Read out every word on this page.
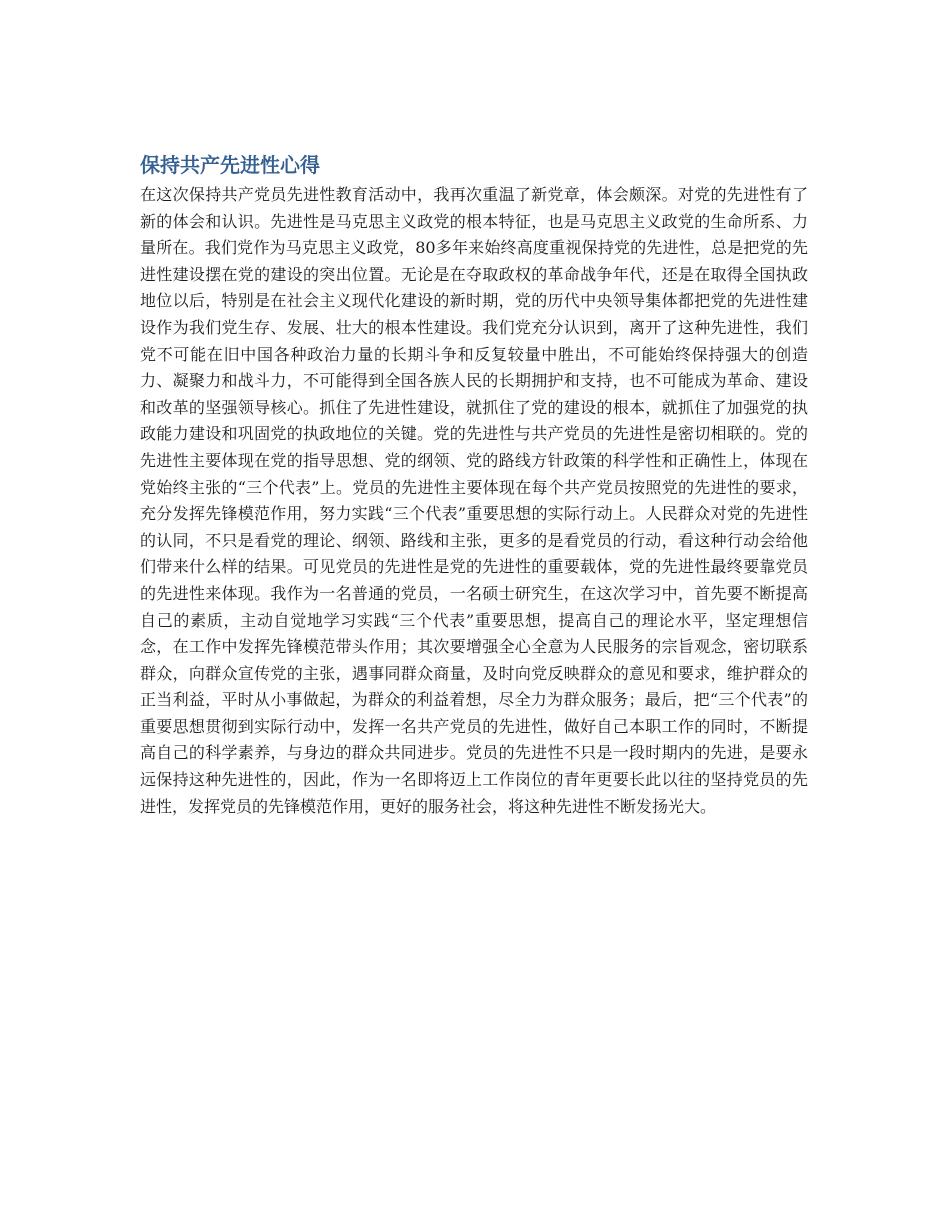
保持共产先进性心得

在这次保持共产党员先进性教育活动中，我再次重温了新党章，体会颇深。对党的先进性有了新的体会和认识。先进性是马克思主义政党的根本特征，也是马克思主义政党的生命所系、力量所在。我们党作为马克思主义政党，80多年来始终高度重视保持党的先进性，总是把党的先进性建设摆在党的建设的突出位置。无论是在夺取政权的革命战争年代，还是在取得全国执政地位以后，特别是在社会主义现代化建设的新时期，党的历代中央领导集体都把党的先进性建设作为我们党生存、发展、壮大的根本性建设。我们党充分认识到，离开了这种先进性，我们党不可能在旧中国各种政治力量的长期斗争和反复较量中胜出，不可能始终保持强大的创造力、凝聚力和战斗力，不可能得到全国各族人民的长期拥护和支持，也不可能成为革命、建设和改革的坚强领导核心。抓住了先进性建设，就抓住了党的建设的根本，就抓住了加强党的执政能力建设和巩固党的执政地位的关键。党的先进性与共产党员的先进性是密切相联的。党的先进性主要体现在党的指导思想、党的纲领、党的路线方针政策的科学性和正确性上，体现在党始终主张的“三个代表”上。党员的先进性主要体现在每个共产党员按照党的先进性的要求，充分发挥先锋模范作用，努力实践“三个代表”重要思想的实际行动上。人民群众对党的先进性的认同，不只是看党的理论、纲领、路线和主张，更多的是看党员的行动，看这种行动会给他们带来什么样的结果。可见党员的先进性是党的先进性的重要载体，党的先进性最终要靠党员的先进性来体现。我作为一名普通的党员，一名硕士研究生，在这次学习中，首先要不断提高自己的素质，主动自觉地学习实践“三个代表”重要思想，提高自己的理论水平，坚定理想信念，在工作中发挥先锋模范带头作用；其次要增强全心全意为人民服务的宗旨观念，密切联系群众，向群众宣传党的主张，遇事同群众商量，及时向党反映群众的意见和要求，维护群众的正当利益，平时从小事做起，为群众的利益着想，尽全力为群众服务；最后，把“三个代表”的重要思想贯彻到实际行动中，发挥一名共产党员的先进性，做好自己本职工作的同时，不断提高自己的科学素养，与身边的群众共同进步。党员的先进性不只是一段时期内的先进，是要永远保持这种先进性的，因此，作为一名即将迈上工作岗位的青年更要长此以往的坚持党员的先进性，发挥党员的先锋模范作用，更好的服务社会，将这种先进性不断发扬光大。
